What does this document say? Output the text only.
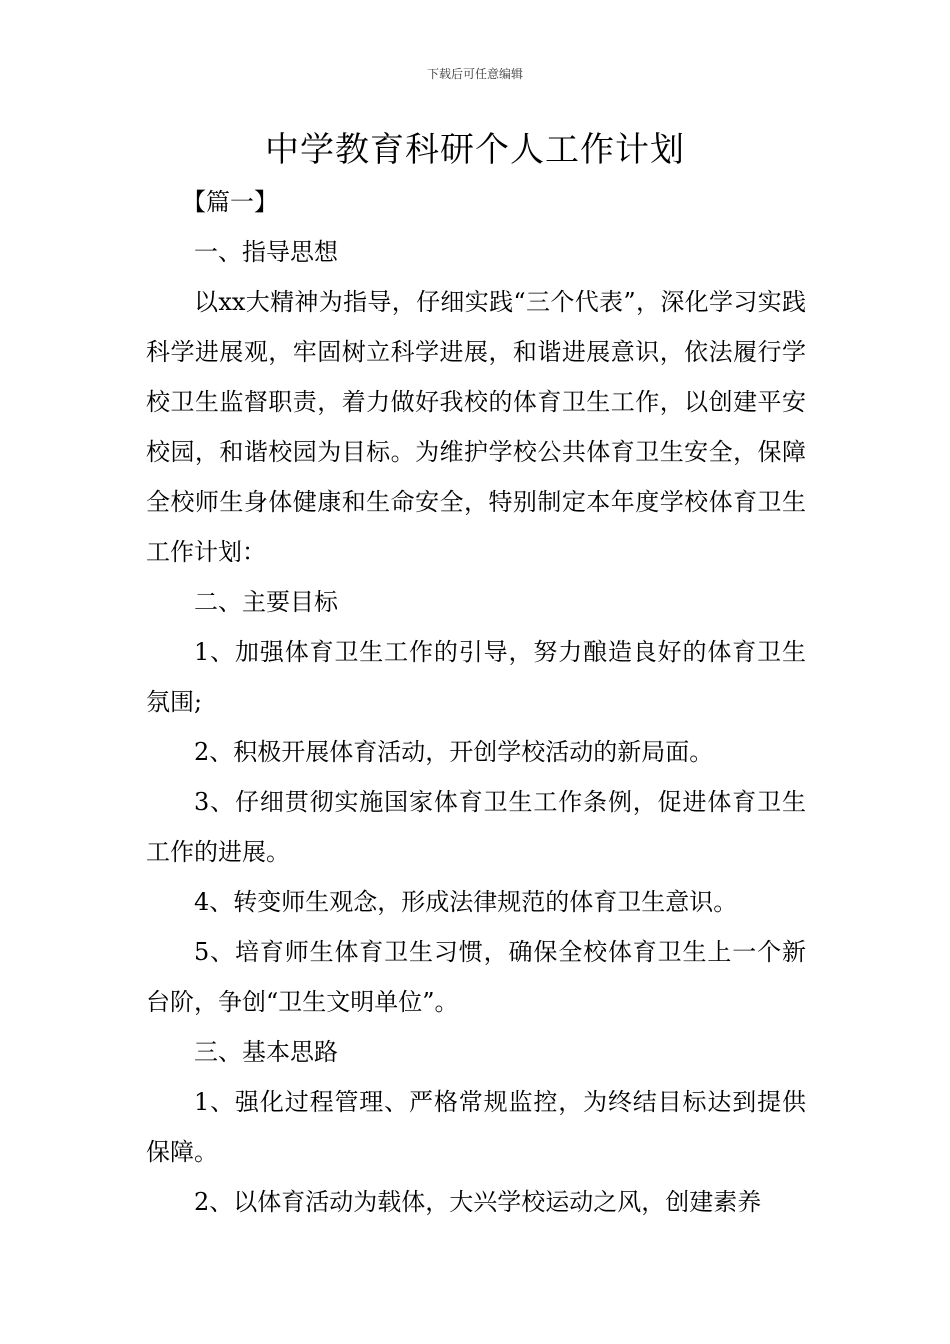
下载后可任意编辑
中学教育科研个人工作计划

【篇一】

一、指导思想

以xx大精神为指导，仔细实践“三个代表”，深化学习实践科学进展观，牢固树立科学进展，和谐进展意识，依法履行学校卫生监督职责，着力做好我校的体育卫生工作，以创建平安校园，和谐校园为目标。为维护学校公共体育卫生安全，保障全校师生身体健康和生命安全，特别制定本年度学校体育卫生工作计划：

二、主要目标

1、加强体育卫生工作的引导，努力酿造良好的体育卫生氛围;

2、积极开展体育活动，开创学校活动的新局面。

3、仔细贯彻实施国家体育卫生工作条例，促进体育卫生工作的进展。

4、转变师生观念，形成法律规范的体育卫生意识。

5、培育师生体育卫生习惯，确保全校体育卫生上一个新台阶，争创“卫生文明单位”。

三、基本思路

1、强化过程管理、严格常规监控，为终结目标达到提供保障。

2、以体育活动为载体，大兴学校运动之风，创建素养
